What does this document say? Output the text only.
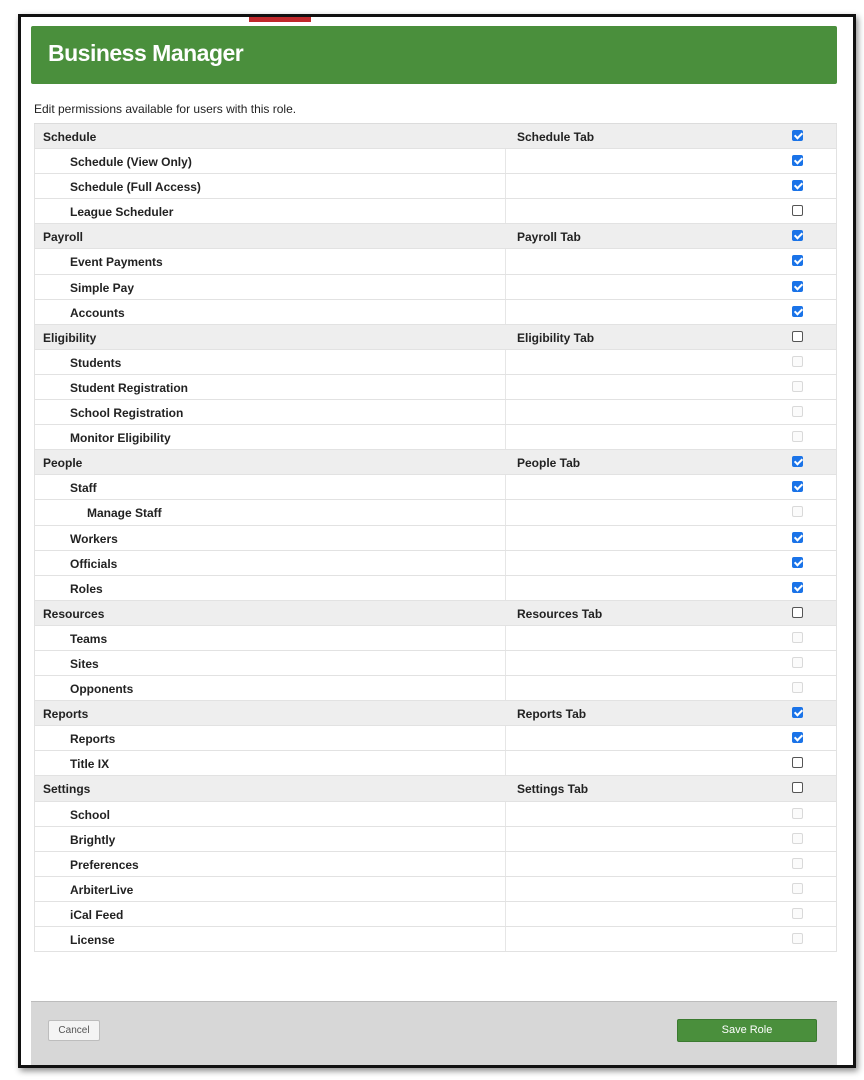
Business Manager
Edit permissions available for users with this role.
Schedule	Schedule Tab
Schedule (View Only)
Schedule (Full Access)
League Scheduler
Payroll	Payroll Tab
Event Payments
Simple Pay
Accounts
Eligibility	Eligibility Tab
Students
Student Registration
School Registration
Monitor Eligibility
People	People Tab
Staff
Manage Staff
Workers
Officials
Roles
Resources	Resources Tab
Teams
Sites
Opponents
Reports	Reports Tab
Reports
Title IX
Settings	Settings Tab
School
Brightly
Preferences
ArbiterLive
iCal Feed
License
Cancel	Save Role
